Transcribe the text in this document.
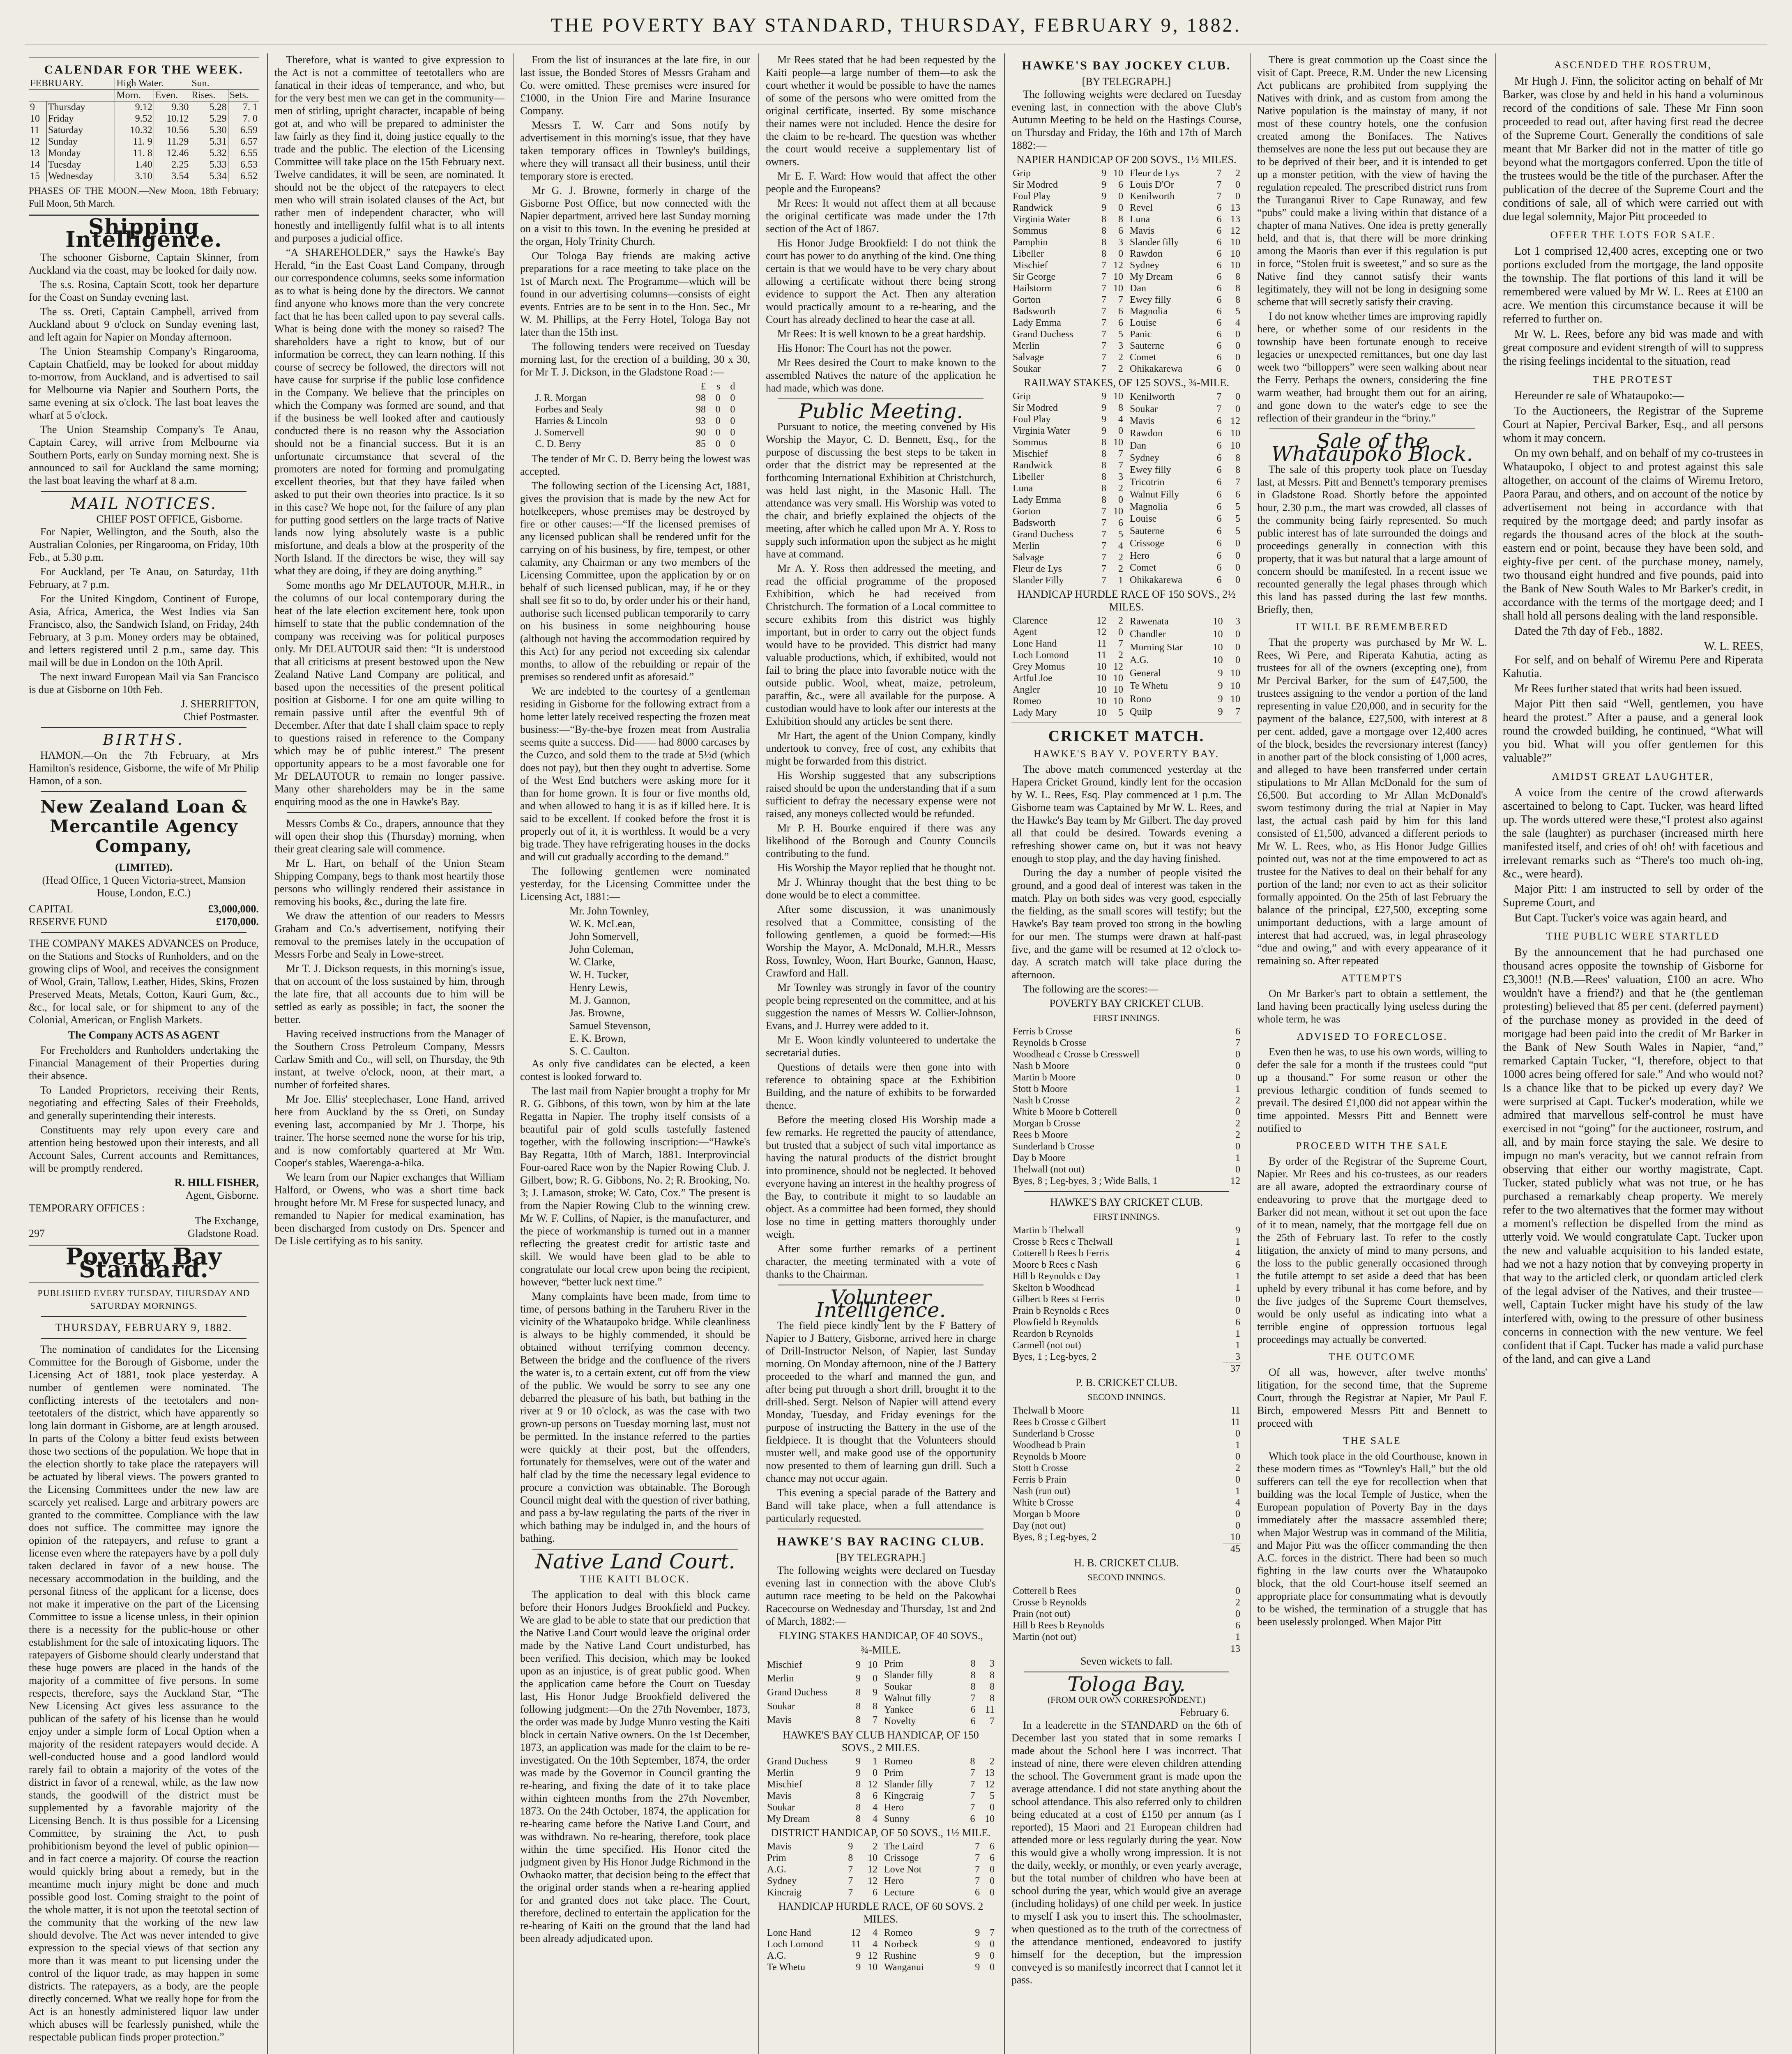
THE POVERTY BAY STANDARD, THURSDAY, FEBRUARY 9, 1882.
CALENDAR FOR THE WEEK.
FEBRUARY.		High Water.		Sun.	
		Morn.	Even.	Rises.	Sets.
9	Thursday	9.12	9.30	5.28	7. 1
10	Friday	9.52	10.12	5.29	7. 0
11	Saturday	10.32	10.56	5.30	6.59
12	Sunday	11. 9	11.29	5.31	6.57
13	Monday	11. 8	12.46	5.32	6.55
14	Tuesday	1.40	2.25	5.33	6.53
15	Wednesday	3.10	3.54	5.34	6.52

PHASES OF THE MOON.—New Moon, 18th February; Full Moon, 5th March.

Shipping Intelligence.

The schooner Gisborne, Captain Skinner, from Auckland via the coast, may be looked for daily now.

The s.s. Rosina, Captain Scott, took her departure for the Coast on Sunday evening last.

The ss. Oreti, Captain Campbell, arrived from Auckland about 9 o'clock on Sunday evening last, and left again for Napier on Monday afternoon.

The Union Steamship Company's Ringarooma, Captain Chatfield, may be looked for about midday to-morrow, from Auckland, and is advertised to sail for Melbourne via Napier and Southern Ports, the same evening at six o'clock. The last boat leaves the wharf at 5 o'clock.

The Union Steamship Company's Te Anau, Captain Carey, will arrive from Melbourne via Southern Ports, early on Sunday morning next. She is announced to sail for Auckland the same morning; the last boat leaving the wharf at 8 a.m.

MAIL NOTICES.
CHIEF POST OFFICE, Gisborne.

For Napier, Wellington, and the South, also the Australian Colonies, per Ringarooma, on Friday, 10th Feb., at 5.30 p.m.

For Auckland, per Te Anau, on Saturday, 11th February, at 7 p.m.

For the United Kingdom, Continent of Europe, Asia, Africa, America, the West Indies via San Francisco, also, the Sandwich Island, on Friday, 24th February, at 3 p.m. Money orders may be obtained, and letters registered until 2 p.m., same day. This mail will be due in London on the 10th April.

The next inward European Mail via San Francisco is due at Gisborne on 10th Feb.

J. SHERRIFTON,
Chief Postmaster.
BIRTHS.

HAMON.—On the 7th February, at Mrs Hamilton's residence, Gisborne, the wife of Mr Philip Hamon, of a son.

New Zealand Loan & Mercantile Agency Company,
(LIMITED).

(Head Office, 1 Queen Victoria-street, Mansion House, London, E.C.)

CAPITAL	£3,000,000.
RESERVE FUND	£170,000.

THE COMPANY MAKES ADVANCES on Produce, on the Stations and Stocks of Runholders, and on the growing clips of Wool, and receives the consignment of Wool, Grain, Tallow, Leather, Hides, Skins, Frozen Preserved Meats, Metals, Cotton, Kauri Gum, &c., &c., for local sale, or for shipment to any of the Colonial, American, or English Markets.

The Company ACTS AS AGENT

For Freeholders and Runholders undertaking the Financial Management of their Properties during their absence.

To Landed Proprietors, receiving their Rents, negotiating and effecting Sales of their Freeholds, and generally superintending their interests.

Constituents may rely upon every care and attention being bestowed upon their interests, and all Account Sales, Current accounts and Remittances, will be promptly rendered.

R. HILL FISHER,
Agent, Gisborne.
TEMPORARY OFFICES :
The Exchange,
297	Gladstone Road.
Poverty Bay Standard.
PUBLISHED EVERY TUESDAY, THURSDAY AND SATURDAY MORNINGS.
THURSDAY, FEBRUARY 9, 1882.

The nomination of candidates for the Licensing Committee for the Borough of Gisborne, under the Licensing Act of 1881, took place yesterday. A number of gentlemen were nominated. The conflicting interests of the teetotalers and non-teetotalers of the district, which have apparently so long lain dormant in Gisborne, are at length aroused. In parts of the Colony a bitter feud exists between those two sections of the population. We hope that in the election shortly to take place the ratepayers will be actuated by liberal views. The powers granted to the Licensing Committees under the new law are scarcely yet realised. Large and arbitrary powers are granted to the committee. Compliance with the law does not suffice. The committee may ignore the opinion of the ratepayers, and refuse to grant a license even where the ratepayers have by a poll duly taken declared in favor of a new house. The necessary accommodation in the building, and the personal fitness of the applicant for a license, does not make it imperative on the part of the Licensing Committee to issue a license unless, in their opinion there is a necessity for the public-house or other establishment for the sale of intoxicating liquors. The ratepayers of Gisborne should clearly understand that these huge powers are placed in the hands of the majority of a committee of five persons. In some respects, therefore, says the Auckland Star, “The New Licensing Act gives less assurance to the publican of the safety of his license than he would enjoy under a simple form of Local Option when a majority of the resident ratepayers would decide. A well-conducted house and a good landlord would rarely fail to obtain a majority of the votes of the district in favor of a renewal, while, as the law now stands, the goodwill of the district must be supplemented by a favorable majority of the Licensing Bench. It is thus possible for a Licensing Committee, by straining the Act, to push prohibitionism beyond the level of public opinion—and in fact coerce a majority. Of course the reaction would quickly bring about a remedy, but in the meantime much injury might be done and much possible good lost. Coming straight to the point of the whole matter, it is not upon the teetotal section of the community that the working of the new law should devolve. The Act was never intended to give expression to the special views of that section any more than it was meant to put licensing under the control of the liquor trade, as may happen in some districts. The ratepayers, as a body, are the people directly concerned. What we really hope for from the Act is an honestly administered liquor law under which abuses will be fearlessly punished, while the respectable publican finds proper protection.”

Therefore, what is wanted to give expression to the Act is not a committee of teetotallers who are fanatical in their ideas of temperance, and who, but for the very best men we can get in the community—men of stirling, upright character, incapable of being got at, and who will be prepared to administer the law fairly as they find it, doing justice equally to the trade and the public. The election of the Licensing Committee will take place on the 15th February next. Twelve candidates, it will be seen, are nominated. It should not be the object of the ratepayers to elect men who will strain isolated clauses of the Act, but rather men of independent character, who will honestly and intelligently fulfil what is to all intents and purposes a judicial office.

“A SHAREHOLDER,” says the Hawke's Bay Herald, “in the East Coast Land Company, through our correspondence columns, seeks some information as to what is being done by the directors. We cannot find anyone who knows more than the very concrete fact that he has been called upon to pay several calls. What is being done with the money so raised? The shareholders have a right to know, but of our information be correct, they can learn nothing. If this course of secrecy be followed, the directors will not have cause for surprise if the public lose confidence in the Company. We believe that the principles on which the Company was formed are sound, and that if the business be well looked after and cautiously conducted there is no reason why the Association should not be a financial success. But it is an unfortunate circumstance that several of the promoters are noted for forming and promulgating excellent theories, but that they have failed when asked to put their own theories into practice. Is it so in this case? We hope not, for the failure of any plan for putting good settlers on the large tracts of Native lands now lying absolutely waste is a public misfortune, and deals a blow at the prosperity of the North Island. If the directors be wise, they will say what they are doing, if they are doing anything.”

Some months ago Mr DELAUTOUR, M.H.R., in the columns of our local contemporary during the heat of the late election excitement here, took upon himself to state that the public condemnation of the company was receiving was for political purposes only. Mr DELAUTOUR said then: “It is understood that all criticisms at present bestowed upon the New Zealand Native Land Company are political, and based upon the necessities of the present political position at Gisborne. I for one am quite willing to remain passive until after the eventful 9th of December. After that date I shall claim space to reply to questions raised in reference to the Company which may be of public interest.” The present opportunity appears to be a most favorable one for Mr DELAUTOUR to remain no longer passive. Many other shareholders may be in the same enquiring mood as the one in Hawke's Bay.

Messrs Combs & Co., drapers, announce that they will open their shop this (Thursday) morning, when their great clearing sale will commence.

Mr L. Hart, on behalf of the Union Steam Shipping Company, begs to thank most heartily those persons who willingly rendered their assistance in removing his books, &c., during the late fire.

We draw the attention of our readers to Messrs Graham and Co.'s advertisement, notifying their removal to the premises lately in the occupation of Messrs Forbe and Sealy in Lowe-street.

Mr T. J. Dickson requests, in this morning's issue, that on account of the loss sustained by him, through the late fire, that all accounts due to him will be settled as early as possible; in fact, the sooner the better.

Having received instructions from the Manager of the Southern Cross Petroleum Company, Messrs Carlaw Smith and Co., will sell, on Thursday, the 9th instant, at twelve o'clock, noon, at their mart, a number of forfeited shares.

Mr Joe. Ellis' steeplechaser, Lone Hand, arrived here from Auckland by the ss Oreti, on Sunday evening last, accompanied by Mr J. Thorpe, his trainer. The horse seemed none the worse for his trip, and is now comfortably quartered at Mr Wm. Cooper's stables, Waerenga-a-hika.

We learn from our Napier exchanges that William Halford, or Owens, who was a short time back brought before Mr. M Frese for suspected lunacy, and remanded to Napier for medical examination, has been discharged from custody on Drs. Spencer and De Lisle certifying as to his sanity.

From the list of insurances at the late fire, in our last issue, the Bonded Stores of Messrs Graham and Co. were omitted. These premises were insured for £1000, in the Union Fire and Marine Insurance Company.

Messrs T. W. Carr and Sons notify by advertisement in this morning's issue, that they have taken temporary offices in Townley's buildings, where they will transact all their business, until their temporary store is erected.

Mr G. J. Browne, formerly in charge of the Gisborne Post Office, but now connected with the Napier department, arrived here last Sunday morning on a visit to this town. In the evening he presided at the organ, Holy Trinity Church.

Our Tologa Bay friends are making active preparations for a race meeting to take place on the 1st of March next. The Programme—which will be found in our advertising columns—consists of eight events. Entries are to be sent in to the Hon. Sec., Mr W. M. Phillips, at the Ferry Hotel, Tologa Bay not later than the 15th inst.

The following tenders were received on Tuesday morning last, for the erection of a building, 30 x 30, for Mr T. J. Dickson, in the Gladstone Road :—

	£	s	d
J. R. Morgan	98	0	0
Forbes and Sealy	98	0	0
Harries & Lincoln	93	0	0
J. Somervell	90	0	0
C. D. Berry	85	0	0

The tender of Mr C. D. Berry being the lowest was accepted.

The following section of the Licensing Act, 1881, gives the provision that is made by the new Act for hotelkeepers, whose premises may be destroyed by fire or other causes:—“If the licensed premises of any licensed publican shall be rendered unfit for the carrying on of his business, by fire, tempest, or other calamity, any Chairman or any two members of the Licensing Committee, upon the application by or on behalf of such licensed publican, may, if he or they shall see fit so to do, by order under his or their hand, authorise such licensed publican temporarily to carry on his business in some neighbouring house (although not having the accommodation required by this Act) for any period not exceeding six calendar months, to allow of the rebuilding or repair of the premises so rendered unfit as aforesaid.”

We are indebted to the courtesy of a gentleman residing in Gisborne for the following extract from a home letter lately received respecting the frozen meat business:—“By-the-bye frozen meat from Australia seems quite a success. Did—— had 8000 carcases by the Cuzco, and sold them to the trade at 5½d (which does not pay), but then they ought to advertise. Some of the West End butchers were asking more for it than for home grown. It is four or five months old, and when allowed to hang it is as if killed here. It is said to be excellent. If cooked before the frost it is properly out of it, it is worthless. It would be a very big trade. They have refrigerating houses in the docks and will cut gradually according to the demand.”

The following gentlemen were nominated yesterday, for the Licensing Committee under the Licensing Act, 1881:—

Mr. John Townley,
W. K. McLean,
John Somervell,
John Coleman,
W. Clarke,
W. H. Tucker,
Henry Lewis,
M. J. Gannon,
Jas. Browne,
Samuel Stevenson,
E. K. Brown,
S. C. Caulton.

As only five candidates can be elected, a keen contest is looked forward to.

The last mail from Napier brought a trophy for Mr R. G. Gibbons, of this town, won by him at the late Regatta in Napier. The trophy itself consists of a beautiful pair of gold sculls tastefully fastened together, with the following inscription:—“Hawke's Bay Regatta, 10th of March, 1881. Interprovincial Four-oared Race won by the Napier Rowing Club. J. Gilbert, bow; R. G. Gibbons, No. 2; R. Brooking, No. 3; J. Lamason, stroke; W. Cato, Cox.” The present is from the Napier Rowing Club to the winning crew. Mr W. F. Collins, of Napier, is the manufacturer, and the piece of workmanship is turned out in a manner reflecting the greatest credit for artistic taste and skill. We would have been glad to be able to congratulate our local crew upon being the recipient, however, “better luck next time.”

Many complaints have been made, from time to time, of persons bathing in the Taruheru River in the vicinity of the Whataupoko bridge. While cleanliness is always to be highly commended, it should be obtained without terrifying common decency. Between the bridge and the confluence of the rivers the water is, to a certain extent, cut off from the view of the public. We would be sorry to see any one debarred the pleasure of his bath, but bathing in the river at 9 or 10 o'clock, as was the case with two grown-up persons on Tuesday morning last, must not be permitted. In the instance referred to the parties were quickly at their post, but the offenders, fortunately for themselves, were out of the water and half clad by the time the necessary legal evidence to procure a conviction was obtainable. The Borough Council might deal with the question of river bathing, and pass a by-law regulating the parts of the river in which bathing may be indulged in, and the hours of bathing.

Native Land Court.
THE KAITI BLOCK.

The application to deal with this block came before their Honors Judges Brookfield and Puckey. We are glad to be able to state that our prediction that the Native Land Court would leave the original order made by the Native Land Court undisturbed, has been verified. This decision, which may be looked upon as an injustice, is of great public good. When the application came before the Court on Tuesday last, His Honor Judge Brookfield delivered the following judgment:—On the 27th November, 1873, the order was made by Judge Munro vesting the Kaiti block in certain Native owners. On the 1st December, 1873, an application was made for the claim to be re-investigated. On the 10th September, 1874, the order was made by the Governor in Council granting the re-hearing, and fixing the date of it to take place within eighteen months from the 27th November, 1873. On the 24th October, 1874, the application for re-hearing came before the Native Land Court, and was withdrawn. No re-hearing, therefore, took place within the time specified. His Honor cited the judgment given by His Honor Judge Richmond in the Owhaoko matter, that decision being to the effect that the original order stands when a re-hearing applied for and granted does not take place. The Court, therefore, declined to entertain the application for the re-hearing of Kaiti on the ground that the land had been already adjudicated upon.

Mr Rees stated that he had been requested by the Kaiti people—a large number of them—to ask the court whether it would be possible to have the names of some of the persons who were omitted from the original certificate, inserted. By some mischance their names were not included. Hence the desire for the claim to be re-heard. The question was whether the court would receive a supplementary list of owners.

Mr E. F. Ward: How would that affect the other people and the Europeans?

Mr Rees: It would not affect them at all because the original certificate was made under the 17th section of the Act of 1867.

His Honor Judge Brookfield: I do not think the court has power to do anything of the kind. One thing certain is that we would have to be very chary about allowing a certificate without there being strong evidence to support the Act. Then any alteration would practically amount to a re-hearing, and the Court has already declined to hear the case at all.

Mr Rees: It is well known to be a great hardship.

His Honor: The Court has not the power.

Mr Rees desired the Court to make known to the assembled Natives the nature of the application he had made, which was done.

Public Meeting.

Pursuant to notice, the meeting convened by His Worship the Mayor, C. D. Bennett, Esq., for the purpose of discussing the best steps to be taken in order that the district may be represented at the forthcoming International Exhibition at Christchurch, was held last night, in the Masonic Hall. The attendance was very small. His Worship was voted to the chair, and briefly explained the objects of the meeting, after which he called upon Mr A. Y. Ross to supply such information upon the subject as he might have at command.

Mr A. Y. Ross then addressed the meeting, and read the official programme of the proposed Exhibition, which he had received from Christchurch. The formation of a Local committee to secure exhibits from this district was highly important, but in order to carry out the object funds would have to be provided. This district had many valuable productions, which, if exhibited, would not fail to bring the place into favorable notice with the outside public. Wool, wheat, maize, petroleum, paraffin, &c., were all available for the purpose. A custodian would have to look after our interests at the Exhibition should any articles be sent there.

Mr Hart, the agent of the Union Company, kindly undertook to convey, free of cost, any exhibits that might be forwarded from this district.

His Worship suggested that any subscriptions raised should be upon the understanding that if a sum sufficient to defray the necessary expense were not raised, any moneys collected would be refunded.

Mr P. H. Bourke enquired if there was any likelihood of the Borough and County Councils contributing to the fund.

His Worship the Mayor replied that he thought not.

Mr J. Whinray thought that the best thing to be done would be to elect a committee.

After some discussion, it was unanimously resolved that a Committee, consisting of the following gentlemen, a quoid be formed:—His Worship the Mayor, A. McDonald, M.H.R., Messrs Ross, Townley, Woon, Hart Bourke, Gannon, Haase, Crawford and Hall.

Mr Townley was strongly in favor of the country people being represented on the committee, and at his suggestion the names of Messrs W. Collier-Johnson, Evans, and J. Hurrey were added to it.

Mr E. Woon kindly volunteered to undertake the secretarial duties.

Questions of details were then gone into with reference to obtaining space at the Exhibition Building, and the nature of exhibits to be forwarded thence.

Before the meeting closed His Worship made a few remarks. He regretted the paucity of attendance, but trusted that a subject of such vital importance as having the natural products of the district brought into prominence, should not be neglected. It behoved everyone having an interest in the healthy progress of the Bay, to contribute it might to so laudable an object. As a committee had been formed, they should lose no time in getting matters thoroughly under weigh.

After some further remarks of a pertinent character, the meeting terminated with a vote of thanks to the Chairman.

Volunteer Intelligence.

The field piece kindly lent by the F Battery of Napier to J Battery, Gisborne, arrived here in charge of Drill-Instructor Nelson, of Napier, last Sunday morning. On Monday afternoon, nine of the J Battery proceeded to the wharf and manned the gun, and after being put through a short drill, brought it to the drill-shed. Sergt. Nelson of Napier will attend every Monday, Tuesday, and Friday evenings for the purpose of instructing the Battery in the use of the fieldpiece. It is thought that the Volunteers should muster well, and make good use of the opportunity now presented to them of learning gun drill. Such a chance may not occur again.

This evening a special parade of the Battery and Band will take place, when a full attendance is particularly requested.

HAWKE'S BAY RACING CLUB.
[BY TELEGRAPH.]

The following weights were declared on Tuesday evening last in connection with the above Club's autumn race meeting to be held on the Pakowhai Racecourse on Wednesday and Thursday, 1st and 2nd of March, 1882:—

FLYING STAKES HANDICAP, OF 40 SOVS.,
¾-MILE.
Mischief	9	10
Merlin	9	0
Grand Duchess	8	9
Soukar	8	8
Mavis	8	7
Prim	8	3
Slander filly	8	8
Soukar	8	8
Walnut filly	7	8
Yankee	6	11
Novelty	6	7
HAWKE'S BAY CLUB HANDICAP, OF 150 SOVS., 2 MILES.
Grand Duchess	9	1
Merlin	9	0
Mischief	8	12
Mavis	8	6
Soukar	8	4
My Dream	8	4
Romeo	8	2
Prim	7	13
Slander filly	7	12
Kingcraig	7	5
Hero	7	0
Sunny	6	10
DISTRICT HANDICAP, OF 50 SOVS., 1½ MILE.
Mavis	9	2
Prim	8	10
A.G.	7	12
Sydney	7	12
Kincraig	7	6
The Laird	7	6
Crissoge	7	6
Love Not	7	0
Hero	7	0
Lecture	6	0
HANDICAP HURDLE RACE, OF 60 SOVS. 2 MILES.
Lone Hand	12	4
Loch Lomond	11	4
A.G.	9	12
Te Whetu	9	10
Romeo	9	7
Norbeck	9	0
Rushine	9	0
Wanganui	9	0
HAWKE'S BAY JOCKEY CLUB.
[BY TELEGRAPH.]

The following weights were declared on Tuesday evening last, in connection with the above Club's Autumn Meeting to be held on the Hastings Course, on Thursday and Friday, the 16th and 17th of March 1882:—

NAPIER HANDICAP OF 200 SOVS., 1½ MILES.
Grip	9	10
Sir Modred	9	6
Foul Play	9	0
Randwick	9	0
Virginia Water	8	8
Sommus	8	6
Pamphin	8	3
Libeller	8	0
Mischief	7	12
Sir George	7	10
Hailstorm	7	10
Gorton	7	7
Badsworth	7	6
Lady Emma	7	6
Grand Duchess	7	5
Merlin	7	3
Salvage	7	2
Soukar	7	2
Fleur de Lys	7	2
Louis D'Or	7	0
Kenilworth	7	0
Revel	6	13
Luna	6	13
Mavis	6	12
Slander filly	6	10
Rawdon	6	10
Sydney	6	10
My Dream	6	8
Dan	6	8
Ewey filly	6	8
Magnolia	6	5
Louise	6	4
Panic	6	0
Sauterne	6	0
Comet	6	0
Ohikakarewa	6	0
RAILWAY STAKES, OF 125 SOVS., ¾-MILE.
Grip	9	10
Sir Modred	9	8
Foul Play	9	4
Virginia Water	9	0
Sommus	8	10
Mischief	8	7
Randwick	8	7
Libeller	8	3
Luna	8	2
Lady Emma	8	0
Gorton	7	10
Badsworth	7	6
Grand Duchess	7	5
Merlin	7	4
Salvage	7	2
Fleur de Lys	7	2
Slander Filly	7	1
Kenilworth	7	0
Soukar	7	0
Mavis	6	12
Rawdon	6	10
Dan	6	10
Sydney	6	8
Ewey filly	6	8
Tricotrin	6	7
Walnut Filly	6	6
Magnolia	6	5
Louise	6	5
Sauterne	6	5
Crissoge	6	0
Hero	6	0
Comet	6	0
Ohikakarewa	6	0
HANDICAP HURDLE RACE OF 150 SOVS., 2½ MILES.
Clarence	12	2
Agent	12	0
Lone Hand	11	7
Loch Lomond	11	2
Grey Momus	10	12
Artful Joe	10	10
Angler	10	10
Romeo	10	10
Lady Mary	10	5
Rawenata	10	3
Chandler	10	0
Morning Star	10	0
A.G.	10	0
General	9	10
Te Whetu	9	10
Rono	9	10
Quilp	9	7
CRICKET MATCH.
HAWKE'S BAY V. POVERTY BAY.

The above match commenced yesterday at the Hapera Cricket Ground, kindly lent for the occasion by W. L. Rees, Esq. Play commenced at 1 p.m. The Gisborne team was Captained by Mr W. L. Rees, and the Hawke's Bay team by Mr Gilbert. The day proved all that could be desired. Towards evening a refreshing shower came on, but it was not heavy enough to stop play, and the day having finished.

During the day a number of people visited the ground, and a good deal of interest was taken in the match. Play on both sides was very good, especially the fielding, as the small scores will testify; but the Hawke's Bay team proved too strong in the bowling for our men. The stumps were drawn at half-past five, and the game will be resumed at 12 o'clock to-day. A scratch match will take place during the afternoon.

The following are the scores:—

POVERTY BAY CRICKET CLUB.
FIRST INNINGS.
Ferris b Crosse	6
Reynolds b Crosse	7
Woodhead c Crosse b Cresswell	0
Nash b Moore	0
Martin b Moore	0
Stott b Moore	1
Nash b Crosse	2
White b Moore b Cotterell	0
Morgan b Crosse	2
Rees b Moore	2
Sunderland b Crosse	0
Day b Moore	1
Thelwall (not out)	0
Byes, 8 ; Leg-byes, 3 ; Wide Balls, 1	12
HAWKE'S BAY CRICKET CLUB.
FIRST INNINGS.
Martin b Thelwall	9
Crosse b Rees c Thelwall	1
Cotterell b Rees b Ferris	4
Moore b Rees c Nash	6
Hill b Reynolds c Day	1
Skelton b Woodhead	1
Gilbert b Rees st Ferris	0
Prain b Reynolds c Rees	0
Plowfield b Reynolds	6
Reardon b Reynolds	1
Carmell (not out)	1
Byes, 1 ; Leg-byes, 2	3
	37
P. B. CRICKET CLUB.
SECOND INNINGS.
Thelwall b Moore	11
Rees b Crosse c Gilbert	11
Sunderland b Crosse	0
Woodhead b Prain	1
Reynolds b Moore	0
Stott b Crosse	2
Ferris b Prain	0
Nash (run out)	1
White b Crosse	4
Morgan b Moore	0
Day (not out)	0
Byes, 8 ; Leg-byes, 2	10
	45
H. B. CRICKET CLUB.
SECOND INNINGS.
Cotterell b Rees	0
Crosse b Reynolds	2
Prain (not out)	0
Hill b Rees b Reynolds	6
Martin (not out)	1
	13
Seven wickets to fall.
Tologa Bay.
(FROM OUR OWN CORRESPONDENT.)
February 6.

In a leaderette in the STANDARD on the 6th of December last you stated that in some remarks I made about the School here I was incorrect. That instead of nine, there were eleven children attending the school. The Government grant is made upon the average attendance. I did not state anything about the school attendance. This also referred only to children being educated at a cost of £150 per annum (as I reported), 15 Maori and 21 European children had attended more or less regularly during the year. Now this would give a wholly wrong impression. It is not the daily, weekly, or monthly, or even yearly average, but the total number of children who have been at school during the year, which would give an average (including holidays) of one child per week. In justice to myself I ask you to insert this. The schoolmaster, when questioned as to the truth of the correctness of the attendance mentioned, endeavored to justify himself for the deception, but the impression conveyed is so manifestly incorrect that I cannot let it pass.

There is great commotion up the Coast since the visit of Capt. Preece, R.M. Under the new Licensing Act publicans are prohibited from supplying the Natives with drink, and as custom from among the Native population is the mainstay of many, if not most of these country hotels, one the confusion created among the Bonifaces. The Natives themselves are none the less put out because they are to be deprived of their beer, and it is intended to get up a monster petition, with the view of having the regulation repealed. The prescribed district runs from the Turanganui River to Cape Runaway, and few “pubs” could make a living within that distance of a chapter of mana Natives. One idea is pretty generally held, and that is, that there will be more drinking among the Maoris than ever if this regulation is put in force, “Stolen fruit is sweetest,” and so sure as the Native find they cannot satisfy their wants legitimately, they will not be long in designing some scheme that will secretly satisfy their craving.

I do not know whether times are improving rapidly here, or whether some of our residents in the township have been fortunate enough to receive legacies or unexpected remittances, but one day last week two “billoppers” were seen walking about near the Ferry. Perhaps the owners, considering the fine warm weather, had brought them out for an airing, and gone down to the water's edge to see the reflection of their grandeur in the “briny.”

Sale of the Whataupoko Block.

The sale of this property took place on Tuesday last, at Messrs. Pitt and Bennett's temporary premises in Gladstone Road. Shortly before the appointed hour, 2.30 p.m., the mart was crowded, all classes of the community being fairly represented. So much public interest has of late surrounded the doings and proceedings generally in connection with this property, that it was but natural that a large amount of concern should be manifested. In a recent issue we recounted generally the legal phases through which this land has passed during the last few months. Briefly, then,

IT WILL BE REMEMBERED

That the property was purchased by Mr W. L. Rees, Wi Pere, and Riperata Kahutia, acting as trustees for all of the owners (excepting one), from Mr Percival Barker, for the sum of £47,500, the trustees assigning to the vendor a portion of the land representing in value £20,000, and in security for the payment of the balance, £27,500, with interest at 8 per cent. added, gave a mortgage over 12,400 acres of the block, besides the reversionary interest (fancy) in another part of the block consisting of 1,000 acres, and alleged to have been transferred under certain stipulations to Mr Allan McDonald for the sum of £6,500. But according to Mr Allan McDonald's sworn testimony during the trial at Napier in May last, the actual cash paid by him for this land consisted of £1,500, advanced a different periods to Mr W. L. Rees, who, as His Honor Judge Gillies pointed out, was not at the time empowered to act as trustee for the Natives to deal on their behalf for any portion of the land; nor even to act as their solicitor formally appointed. On the 25th of last February the balance of the principal, £27,500, excepting some unimportant deductions, with a large amount of interest that had accrued, was, in legal phraseology “due and owing,” and with every appearance of it remaining so. After repeated

ATTEMPTS

On Mr Barker's part to obtain a settlement, the land having been practically lying useless during the whole term, he was

ADVISED TO FORECLOSE.

Even then he was, to use his own words, willing to defer the sale for a month if the trustees could “put up a thousand.” For some reason or other the previous lethargic condition of funds seemed to prevail. The desired £1,000 did not appear within the time appointed. Messrs Pitt and Bennett were notified to

PROCEED WITH THE SALE

By order of the Registrar of the Supreme Court, Napier. Mr Rees and his co-trustees, as our readers are all aware, adopted the extraordinary course of endeavoring to prove that the mortgage deed to Barker did not mean, without it set out upon the face of it to mean, namely, that the mortgage fell due on the 25th of February last. To refer to the costly litigation, the anxiety of mind to many persons, and the loss to the public generally occasioned through the futile attempt to set aside a deed that has been upheld by every tribunal it has come before, and by the five judges of the Supreme Court themselves, would be only useful as indicating into what a terrible engine of oppression tortuous legal proceedings may actually be converted.

THE OUTCOME

Of all was, however, after twelve months' litigation, for the second time, that the Supreme Court, through the Registrar at Napier, Mr Paul F. Birch, empowered Messrs Pitt and Bennett to proceed with

THE SALE

Which took place in the old Courthouse, known in these modern times as “Townley's Hall,” but the old sufferers can tell the eye for recollection when that building was the local Temple of Justice, when the European population of Poverty Bay in the days immediately after the massacre assembled there; when Major Westrup was in command of the Militia, and Major Pitt was the officer commanding the then A.C. forces in the district. There had been so much fighting in the law courts over the Whataupoko block, that the old Court-house itself seemed an appropriate place for consummating what is devoutly to be wished, the termination of a struggle that has been uselessly prolonged. When Major Pitt

ASCENDED THE ROSTRUM,

Mr Hugh J. Finn, the solicitor acting on behalf of Mr Barker, was close by and held in his hand a voluminous record of the conditions of sale. These Mr Finn soon proceeded to read out, after having first read the decree of the Supreme Court. Generally the conditions of sale meant that Mr Barker did not in the matter of title go beyond what the mortgagors conferred. Upon the title of the trustees would be the title of the purchaser. After the publication of the decree of the Supreme Court and the conditions of sale, all of which were carried out with due legal solemnity, Major Pitt proceeded to

OFFER THE LOTS FOR SALE.

Lot 1 comprised 12,400 acres, excepting one or two portions excluded from the mortgage, the land opposite the township. The flat portions of this land it will be remembered were valued by Mr W. L. Rees at £100 an acre. We mention this circumstance because it will be referred to further on.

Mr W. L. Rees, before any bid was made and with great composure and evident strength of will to suppress the rising feelings incidental to the situation, read

THE PROTEST

Hereunder re sale of Whataupoko:—

To the Auctioneers, the Registrar of the Supreme Court at Napier, Percival Barker, Esq., and all persons whom it may concern.

On my own behalf, and on behalf of my co-trustees in Whataupoko, I object to and protest against this sale altogether, on account of the claims of Wiremu Iretoro, Paora Parau, and others, and on account of the notice by advertisement not being in accordance with that required by the mortgage deed; and partly insofar as regards the thousand acres of the block at the south-eastern end or point, because they have been sold, and eighty-five per cent. of the purchase money, namely, two thousand eight hundred and five pounds, paid into the Bank of New South Wales to Mr Barker's credit, in accordance with the terms of the mortgage deed; and I shall hold all persons dealing with the land responsible.

Dated the 7th day of Feb., 1882.

W. L. REES,

For self, and on behalf of Wiremu Pere and Riperata Kahutia.

Mr Rees further stated that writs had been issued.

Major Pitt then said “Well, gentlemen, you have heard the protest.” After a pause, and a general look round the crowded building, he continued, “What will you bid. What will you offer gentlemen for this valuable?”

AMIDST GREAT LAUGHTER,

A voice from the centre of the crowd afterwards ascertained to belong to Capt. Tucker, was heard lifted up. The words uttered were these,“I protest also against the sale (laughter) as purchaser (increased mirth here manifested itself, and cries of oh! oh! with facetious and irrelevant remarks such as “There's too much oh-ing, &c., were heard).

Major Pitt: I am instructed to sell by order of the Supreme Court, and

But Capt. Tucker's voice was again heard, and

THE PUBLIC WERE STARTLED

By the announcement that he had purchased one thousand acres opposite the township of Gisborne for £3,300!! (N.B.—Rees' valuation, £100 an acre. Who wouldn't have a friend?) and that he (the gentleman protesting) believed that 85 per cent. (deferred payment) of the purchase money as provided in the deed of mortgage had been paid into the credit of Mr Barker in the Bank of New South Wales in Napier, “and,” remarked Captain Tucker, “I, therefore, object to that 1000 acres being offered for sale.” And who would not? Is a chance like that to be picked up every day? We were surprised at Capt. Tucker's moderation, while we admired that marvellous self-control he must have exercised in not “going” for the auctioneer, rostrum, and all, and by main force staying the sale. We desire to impugn no man's veracity, but we cannot refrain from observing that either our worthy magistrate, Capt. Tucker, stated publicly what was not true, or he has purchased a remarkably cheap property. We merely refer to the two alternatives that the former may without a moment's reflection be dispelled from the mind as utterly void. We would congratulate Capt. Tucker upon the new and valuable acquisition to his landed estate, had we not a hazy notion that by conveying property in that way to the articled clerk, or quondam articled clerk of the legal adviser of the Natives, and their trustee—well, Captain Tucker might have his study of the law interfered with, owing to the pressure of other business concerns in connection with the new venture. We feel confident that if Capt. Tucker has made a valid purchase of the land, and can give a Land
